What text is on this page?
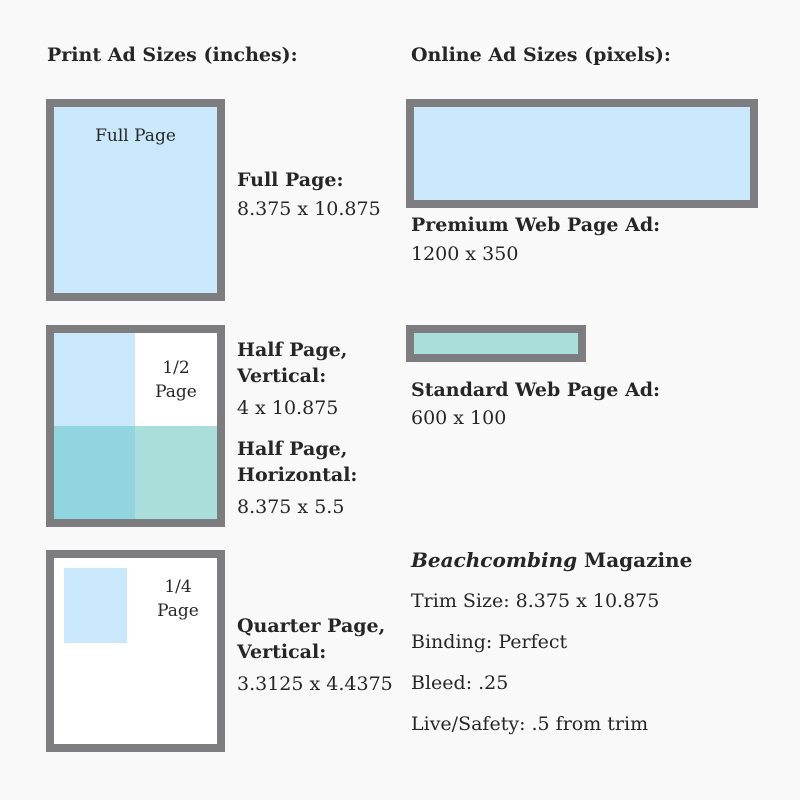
Print Ad Sizes (inches):	Online Ad Sizes (pixels):
Full Page
Full Page:
8.375 x 10.875
1/2
Page
Half Page,
Vertical:
4 x 10.875
Half Page,
Horizontal:
8.375 x 5.5
1/4
Page
Quarter Page,
Vertical:
3.3125 x 4.4375
Premium Web Page Ad:
1200 x 350
Standard Web Page Ad:
600 x 100
Beachcombing Magazine
Trim Size: 8.375 x 10.875
Binding: Perfect
Bleed: .25
Live/Safety: .5 from trim
